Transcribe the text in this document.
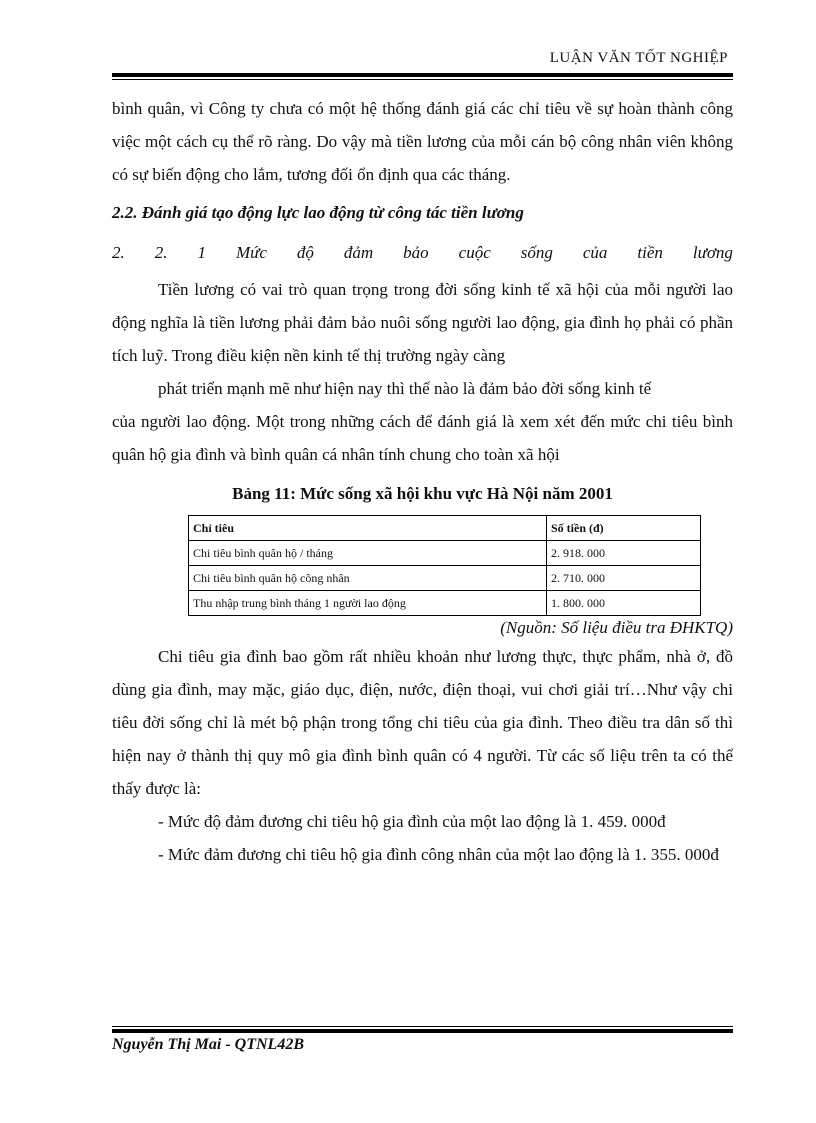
LUẬN VĂN TỐT NGHIỆP

bình quân, vì Công ty chưa có một hệ thống đánh giá các chỉ tiêu về sự hoàn thành công việc một cách cụ thể rõ ràng. Do vậy mà tiền lương của mỗi cán bộ công nhân viên không có sự biến động cho lắm, tương đối ổn định qua các tháng.

2.2. Đánh giá tạo động lực lao động từ công tác tiền lương
2. 2. 1 Mức độ đảm bảo cuộc sống của tiền lương

Tiền lương có vai trò quan trọng trong đời sống kinh tế xã hội của mỗi người lao động nghĩa là tiền lương phải đảm bảo nuôi sống người lao động, gia đình họ phải có phần tích luỹ. Trong điều kiện nền kinh tế thị trường ngày càng

phát triển mạnh mẽ như hiện nay thì thế nào là đảm bảo đời sống kinh tế

của người lao động. Một trong những cách để đánh giá là xem xét đến mức chi tiêu bình quân hộ gia đình và bình quân cá nhân tính chung cho toàn xã hội

Bảng 11: Mức sống xã hội khu vực Hà Nội năm 2001
Chỉ tiêu	Số tiền (đ)
Chi tiêu bình quân hộ / tháng	2. 918. 000
Chi tiêu bình quân hộ công nhân	2. 710. 000
Thu nhập trung bình tháng 1 người lao động	1. 800. 000

(Nguồn: Số liệu điều tra ĐHKTQ)

Chi tiêu gia đình bao gồm rất nhiều khoản như lương thực, thực phẩm, nhà ở, đồ dùng gia đình, may mặc, giáo dục, điện, nước, điện thoại, vui chơi giải trí…Như vậy chi tiêu đời sống chỉ là mét bộ phận trong tổng chi tiêu của gia đình. Theo điều tra dân số thì hiện nay ở thành thị quy mô gia đình bình quân có 4 người. Từ các số liệu trên ta có thể thấy được là:

- Mức độ đảm đương chi tiêu hộ gia đình của một lao động là 1. 459. 000đ

- Mức đảm đương chi tiêu hộ gia đình công nhân của một lao động là 1. 355. 000đ

Nguyễn Thị Mai - QTNL42B
